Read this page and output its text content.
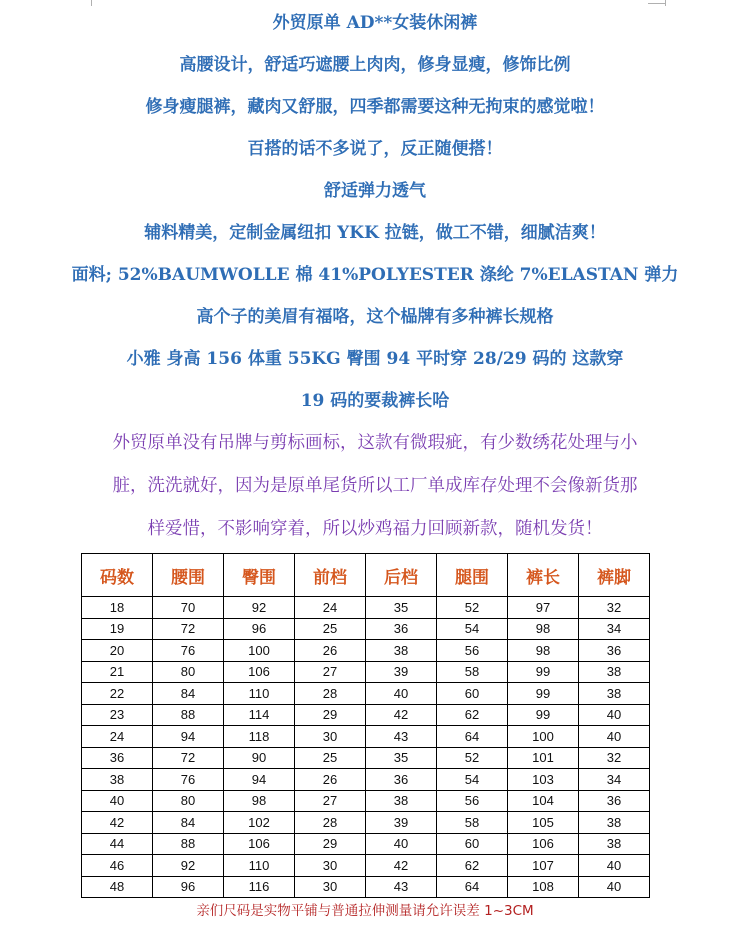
外贸原单 AD**女装休闲裤
高腰设计，舒适巧遮腰上肉肉，修身显瘦，修饰比例
修身瘦腿裤，藏肉又舒服，四季都需要这种无拘束的感觉啦！
百搭的话不多说了，反正随便搭！
舒适弹力透气
辅料精美，定制金属纽扣 YKK 拉链，做工不错，细腻洁爽！
面料; 52%BAUMWOLLE 棉 41%POLYESTER 涤纶 7%ELASTAN 弹力
高个子的美眉有福咯，这个榀牌有多种裤长规格
小雅 身高 156 体重 55KG 臀围 94 平时穿 28/29 码的 这款穿
19 码的要裁裤长哈
外贸原单没有吊牌与剪标画标，这款有微瑕疵，有少数绣花处理与小
脏，洗洗就好，因为是原单尾货所以工厂单成库存处理不会像新货那
样爱惜，不影响穿着，所以炒鸡福力回顾新款，随机发货！
码数	腰围	臀围	前档	后档	腿围	裤长	裤脚
18	70	92	24	35	52	97	32
19	72	96	25	36	54	98	34
20	76	100	26	38	56	98	36
21	80	106	27	39	58	99	38
22	84	110	28	40	60	99	38
23	88	114	29	42	62	99	40
24	94	118	30	43	64	100	40
36	72	90	25	35	52	101	32
38	76	94	26	36	54	103	34
40	80	98	27	38	56	104	36
42	84	102	28	39	58	105	38
44	88	106	29	40	60	106	38
46	92	110	30	42	62	107	40
48	96	116	30	43	64	108	40
亲们尺码是实物平铺与普通拉伸测量请允许误差 1~3CM
